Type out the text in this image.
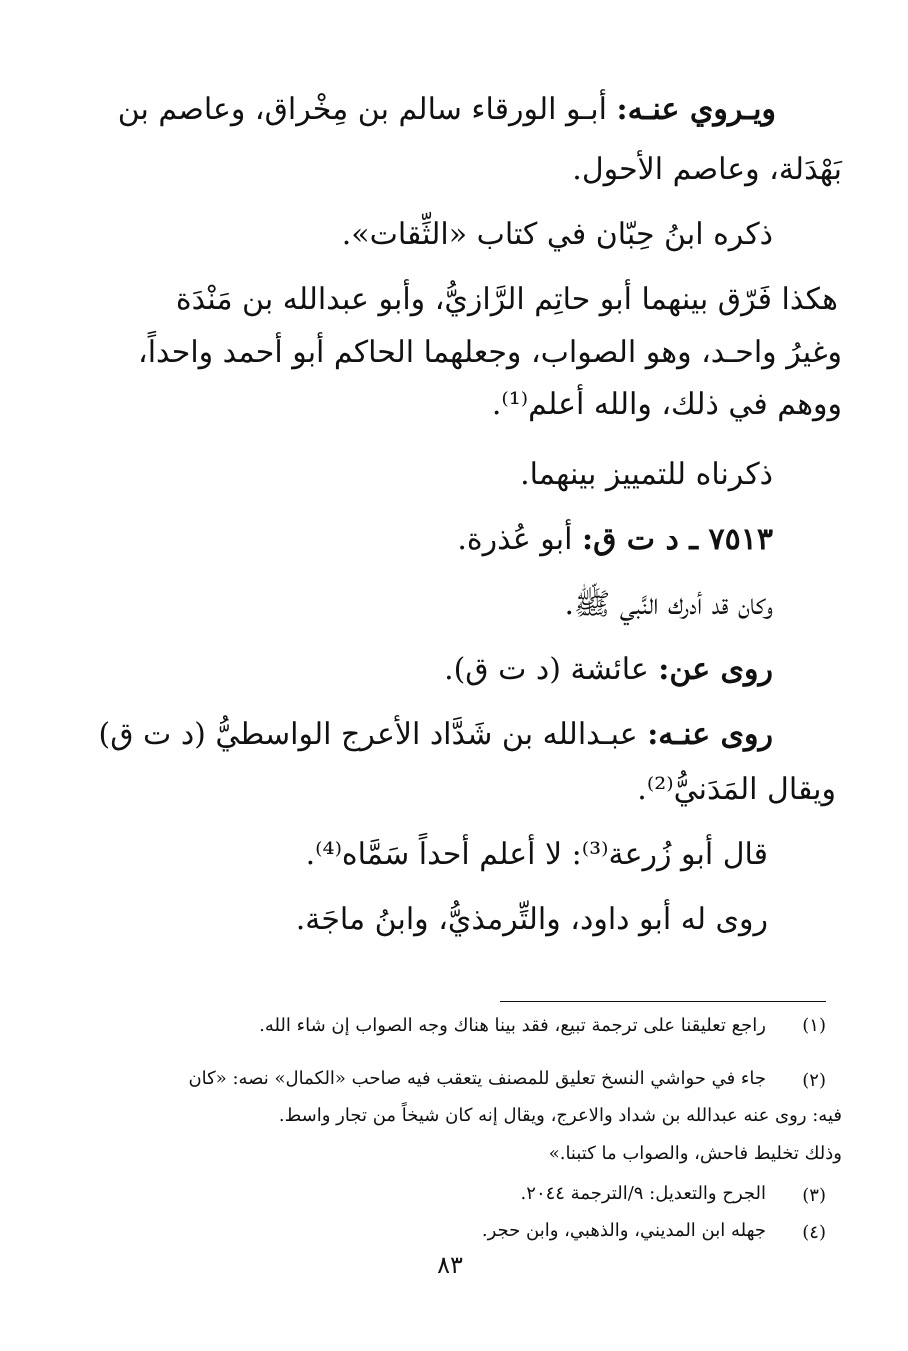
ويـروي عنـه: أبـو الورقاء سالم بن مِخْراق، وعاصم بن
بَهْدَلة، وعاصم الأحول.
ذكره ابنُ حِبّان في كتاب «الثِّقات».
هكذا فَرّق بينهما أبو حاتِم الرَّازيُّ، وأبو عبدالله بن مَنْدَة
وغيرُ واحـد، وهو الصواب، وجعلهما الحاكم أبو أحمد واحداً،
ووهم في ذلك، والله أعلم⁽¹⁾.
ذكرناه للتمييز بينهما.
٧٥١٣ ـ د ت ق: أبو عُذرة.
وكان قد أدرك النَّبي ﷺ.
روى عن: عائشة (د ت ق).
روى عنـه: عبـدالله بن شَدَّاد الأعرج الواسطيُّ (د ت ق)
ويقال المَدَنيُّ⁽²⁾.
قال أبو زُرعة⁽³⁾: لا أعلم أحداً سَمَّاه⁽⁴⁾.
روى له أبو داود، والتِّرمذيُّ، وابنُ ماجَة.
(١)
راجع تعليقنا على ترجمة تبيع، فقد بينا هناك وجه الصواب إن شاء الله.
(٢)
جاء في حواشي النسخ تعليق للمصنف يتعقب فيه صاحب «الكمال» نصه: «كان
فيه: روى عنه عبدالله بن شداد والاعرج، ويقال إنه كان شيخاً من تجار واسط.
وذلك تخليط فاحش، والصواب ما كتبنا.»
(٣)
الجرح والتعديل: ٩/الترجمة ٢٠٤٤.
(٤)
جهله ابن المديني، والذهبي، وابن حجر.
٨٣
